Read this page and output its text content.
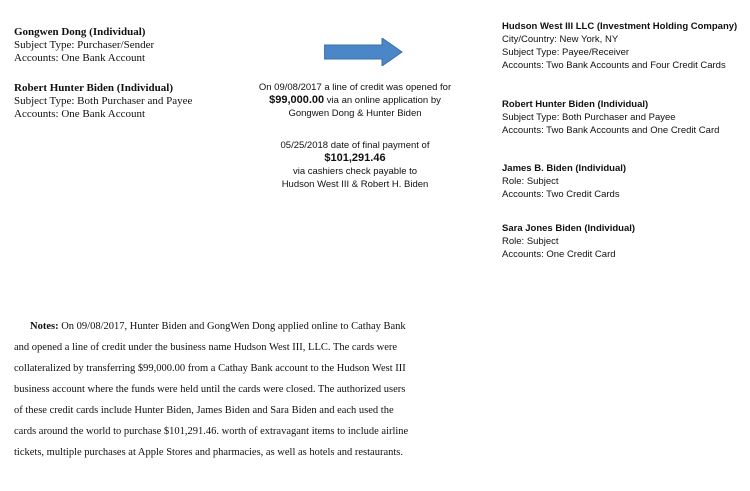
Gongwen Dong (Individual)
Subject Type: Purchaser/Sender
Accounts: One Bank Account
Robert Hunter Biden (Individual)
Subject Type: Both Purchaser and Payee
Accounts: One Bank Account
On 09/08/2017 a line of credit was opened for
$99,000.00 via an online application by
Gongwen Dong & Hunter Biden
05/25/2018 date of final payment of
$101,291.46
via cashiers check payable to
Hudson West III & Robert H. Biden
Hudson West III LLC (Investment Holding Company)
City/Country: New York, NY
Subject Type: Payee/Receiver
Accounts: Two Bank Accounts and Four Credit Cards
Robert Hunter Biden (Individual)
Subject Type: Both Purchaser and Payee
Accounts: Two Bank Accounts and One Credit Card
James B. Biden (Individual)
Role: Subject
Accounts: Two Credit Cards
Sara Jones Biden (Individual)
Role: Subject
Accounts: One Credit Card
Notes: On 09/08/2017, Hunter Biden and GongWen Dong applied online to Cathay Bank and opened a line of credit under the business name Hudson West III, LLC. The cards were collateralized by transferring $99,000.00 from a Cathay Bank account to the Hudson West III business account where the funds were held until the cards were closed. The authorized users of these credit cards include Hunter Biden, James Biden and Sara Biden and each used the cards around the world to purchase $101,291.46. worth of extravagant items to include airline tickets, multiple purchases at Apple Stores and pharmacies, as well as hotels and restaurants.
